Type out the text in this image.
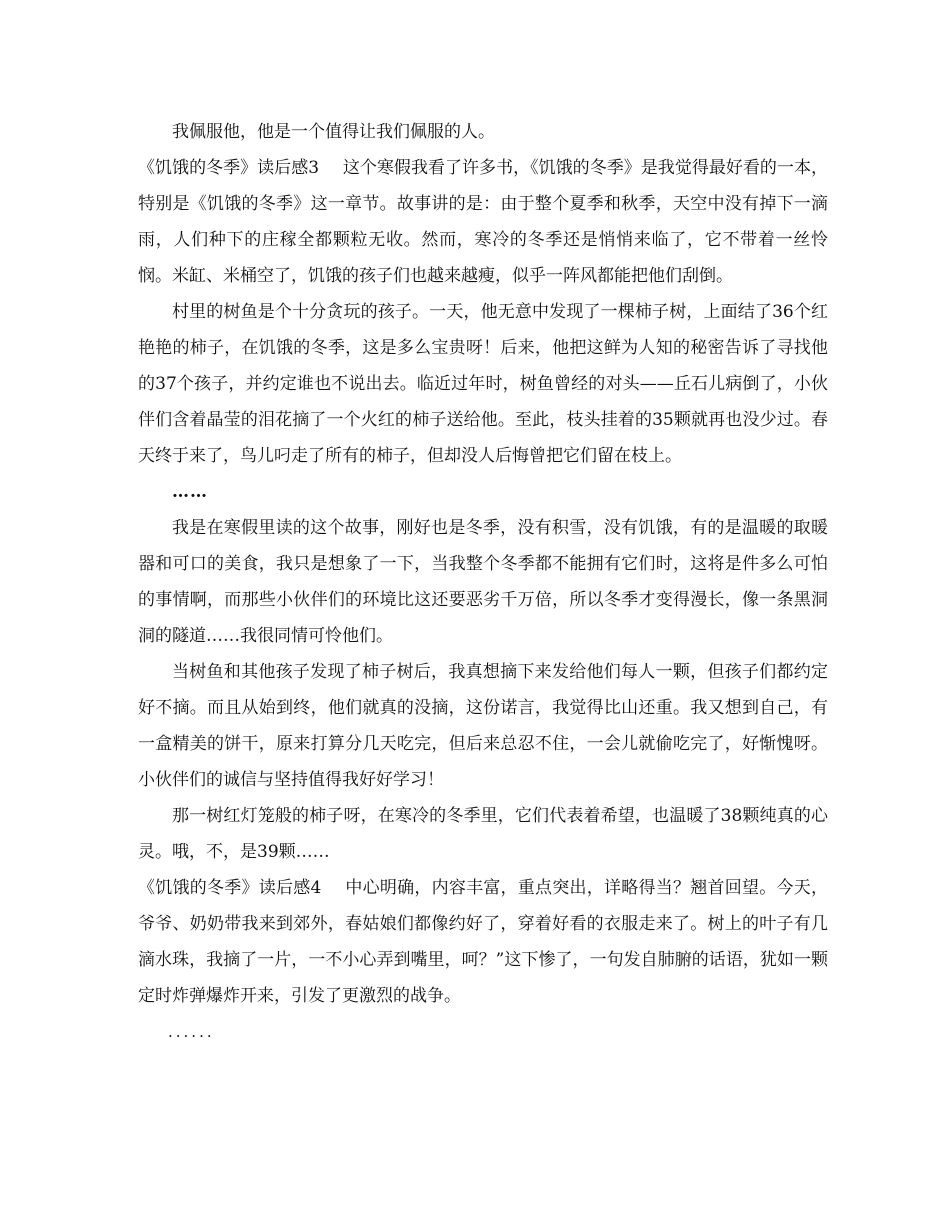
我佩服他，他是一个值得让我们佩服的人。

《饥饿的冬季》读后感3 这个寒假我看了许多书，《饥饿的冬季》是我觉得最好看的一本，特别是《饥饿的冬季》这一章节。故事讲的是：由于整个夏季和秋季，天空中没有掉下一滴雨，人们种下的庄稼全都颗粒无收。然而，寒冷的冬季还是悄悄来临了，它不带着一丝怜悯。米缸、米桶空了，饥饿的孩子们也越来越瘦，似乎一阵风都能把他们刮倒。

村里的树鱼是个十分贪玩的孩子。一天，他无意中发现了一棵柿子树，上面结了36个红艳艳的柿子，在饥饿的冬季，这是多么宝贵呀！后来，他把这鲜为人知的秘密告诉了寻找他的37个孩子，并约定谁也不说出去。临近过年时，树鱼曾经的对头——丘石儿病倒了，小伙伴们含着晶莹的泪花摘了一个火红的柿子送给他。至此，枝头挂着的35颗就再也没少过。春天终于来了，鸟儿叼走了所有的柿子，但却没人后悔曾把它们留在枝上。

……

我是在寒假里读的这个故事，刚好也是冬季，没有积雪，没有饥饿，有的是温暖的取暖器和可口的美食，我只是想象了一下，当我整个冬季都不能拥有它们时，这将是件多么可怕的事情啊，而那些小伙伴们的环境比这还要恶劣千万倍，所以冬季才变得漫长，像一条黑洞洞的隧道……我很同情可怜他们。

当树鱼和其他孩子发现了柿子树后，我真想摘下来发给他们每人一颗，但孩子们都约定好不摘。而且从始到终，他们就真的没摘，这份诺言，我觉得比山还重。我又想到自己，有一盒精美的饼干，原来打算分几天吃完，但后来总忍不住，一会儿就偷吃完了，好惭愧呀。小伙伴们的诚信与坚持值得我好好学习！

那一树红灯笼般的柿子呀，在寒冷的冬季里，它们代表着希望，也温暖了38颗纯真的心灵。哦，不，是39颗……

《饥饿的冬季》读后感4 中心明确，内容丰富，重点突出，详略得当？翘首回望。今天，爷爷、奶奶带我来到郊外，春姑娘们都像约好了，穿着好看的衣服走来了。树上的叶子有几滴水珠，我摘了一片，一不小心弄到嘴里，呵？”这下惨了，一句发自肺腑的话语，犹如一颗定时炸弹爆炸开来，引发了更激烈的战争。

......
